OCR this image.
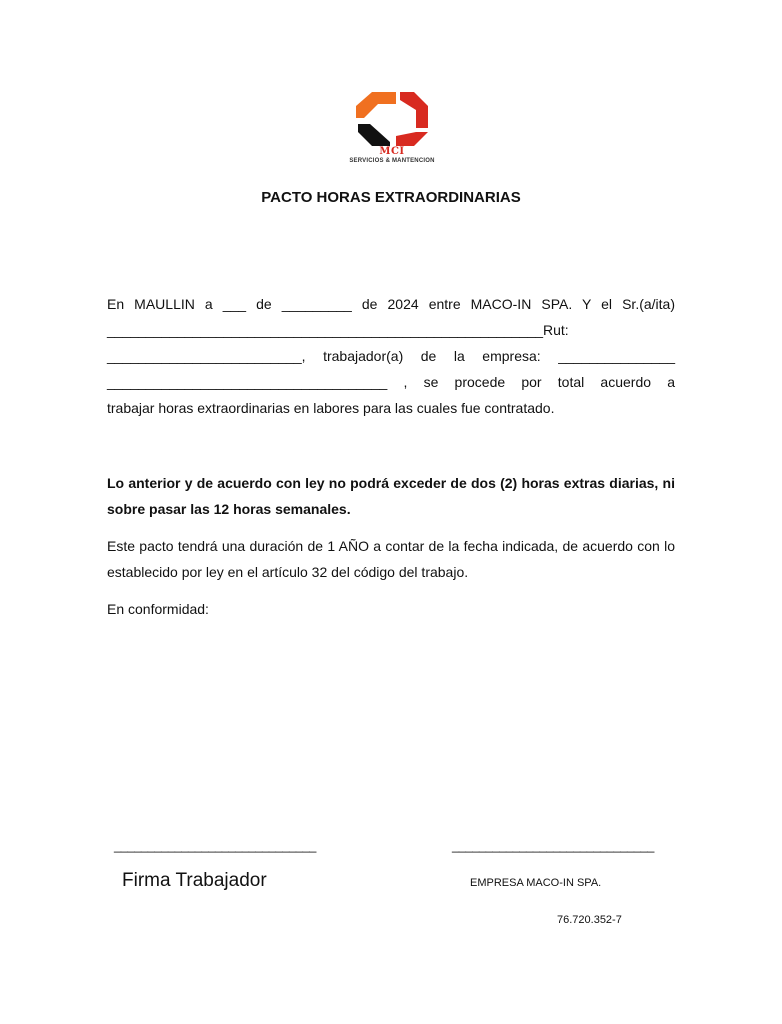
MCI
SERVICIOS & MANTENCION
PACTO HORAS EXTRAORDINARIAS
En MAULLIN a ___ de _________ de 2024 entre MACO-IN SPA. Y el Sr.(a/ita)
________________________________________________________Rut:
_________________________, trabajador(a) de la empresa: _______________
____________________________________ , se procede por total acuerdo a
trabajar horas extraordinarias en labores para las cuales fue contratado.

Lo anterior y de acuerdo con ley no podrá exceder de dos (2) horas extras diarias, ni sobre pasar las 12 horas semanales.

Este pacto tendrá una duración de 1 AÑO a contar de la fecha indicada, de acuerdo con lo establecido por ley en el artículo 32 del código del trabajo.

En conformidad:

______________________________	______________________________
Firma Trabajador	EMPRESA MACO-IN SPA.
76.720.352-7
